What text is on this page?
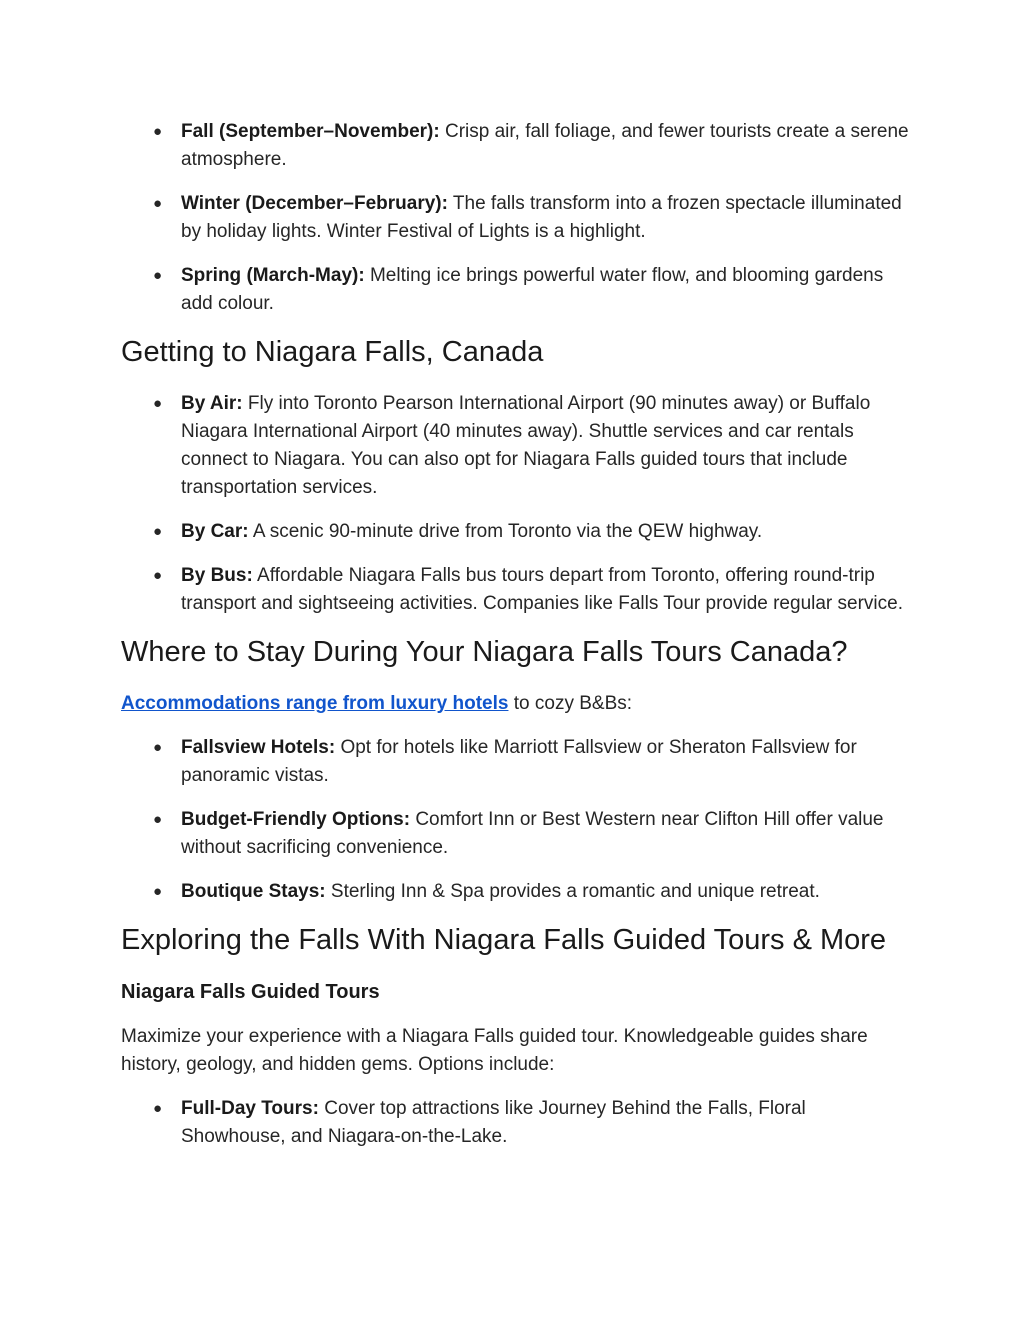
● Fall (September–November): Crisp air, fall foliage, and fewer tourists create a serene atmosphere.
● Winter (December–February): The falls transform into a frozen spectacle illuminated by holiday lights. Winter Festival of Lights is a highlight.
● Spring (March-May): Melting ice brings powerful water flow, and blooming gardens add colour.
Getting to Niagara Falls, Canada
● By Air: Fly into Toronto Pearson International Airport (90 minutes away) or Buffalo Niagara International Airport (40 minutes away). Shuttle services and car rentals connect to Niagara. You can also opt for Niagara Falls guided tours that include transportation services.
● By Car: A scenic 90-minute drive from Toronto via the QEW highway.
● By Bus: Affordable Niagara Falls bus tours depart from Toronto, offering round-trip transport and sightseeing activities. Companies like Falls Tour provide regular service.
Where to Stay During Your Niagara Falls Tours Canada?

Accommodations range from luxury hotels to cozy B&Bs:

● Fallsview Hotels: Opt for hotels like Marriott Fallsview or Sheraton Fallsview for panoramic vistas.
● Budget-Friendly Options: Comfort Inn or Best Western near Clifton Hill offer value without sacrificing convenience.
● Boutique Stays: Sterling Inn & Spa provides a romantic and unique retreat.
Exploring the Falls With Niagara Falls Guided Tours & More
Niagara Falls Guided Tours

Maximize your experience with a Niagara Falls guided tour. Knowledgeable guides share history, geology, and hidden gems. Options include:

● Full-Day Tours: Cover top attractions like Journey Behind the Falls, Floral Showhouse, and Niagara-on-the-Lake.
